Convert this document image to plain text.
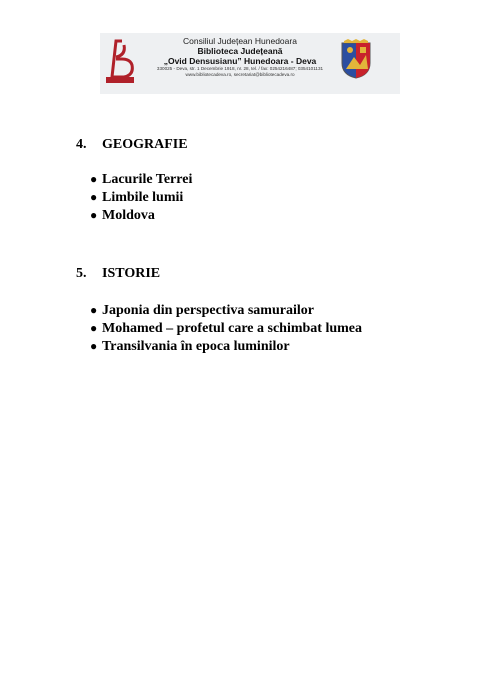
Consiliul Județean Hunedoara
Biblioteca Județeană
„Ovid Densusianu” Hunedoara - Deva
330025 - Deva, str. 1 Decembrie 1918, nr. 28, tel. / fax: 0254216487; 0354101131
www.bibliotecadeva.ro, secretariat@bibliotecadeva.ro
4. GEOGRAFIE
● Lacurile Terrei
● Limbile lumii
● Moldova
5. ISTORIE
● Japonia din perspectiva samurailor
● Mohamed – profetul care a schimbat lumea
● Transilvania în epoca luminilor
